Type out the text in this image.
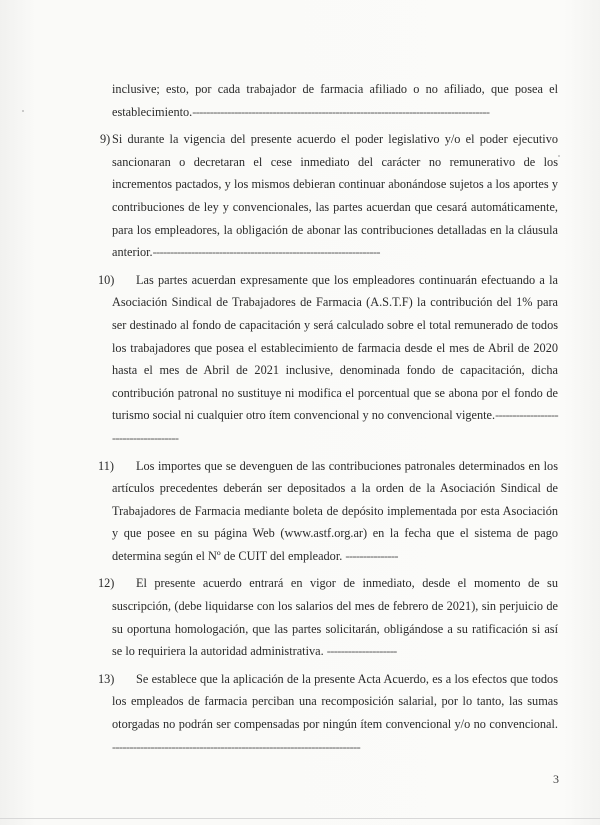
inclusive; esto, por cada trabajador de farmacia afiliado o no afiliado, que posea el establecimiento.-------------------------------------------------------------------------------------

9) Si durante la vigencia del presente acuerdo el poder legislativo y/o el poder ejecutivo sancionaran o decretaran el cese inmediato del carácter no remunerativo de los incrementos pactados, y los mismos debieran continuar abonándose sujetos a los aportes y contribuciones de ley y convencionales, las partes acuerdan que cesará automáticamente, para los empleadores, la obligación de abonar las contribuciones detalladas en la cláusula anterior.-----------------------------------------------------------------

10) Las partes acuerdan expresamente que los empleadores continuarán efectuando a la Asociación Sindical de Trabajadores de Farmacia (A.S.T.F) la contribución del 1% para ser destinado al fondo de capacitación y será calculado sobre el total remunerado de todos los trabajadores que posea el establecimiento de farmacia desde el mes de Abril de 2020 hasta el mes de Abril de 2021 inclusive, denominada fondo de capacitación, dicha contribución patronal no sustituye ni modifica el porcentual que se abona por el fondo de turismo social ni cualquier otro ítem convencional y no convencional vigente.-------------------------------------

11) Los importes que se devenguen de las contribuciones patronales determinados en los artículos precedentes deberán ser depositados a la orden de la Asociación Sindical de Trabajadores de Farmacia mediante boleta de depósito implementada por esta Asociación y que posee en su página Web (www.astf.org.ar) en la fecha que el sistema de pago determina según el Nº de CUIT del empleador. ---------------

12) El presente acuerdo entrará en vigor de inmediato, desde el momento de su suscripción, (debe liquidarse con los salarios del mes de febrero de 2021), sin perjuicio de su oportuna homologación, que las partes solicitarán, obligándose a su ratificación si así se lo requiriera la autoridad administrativa. --------------------

13) Se establece que la aplicación de la presente Acta Acuerdo, es a los efectos que todos los empleados de farmacia perciban una recomposición salarial, por lo tanto, las sumas otorgadas no podrán ser compensadas por ningún ítem convencional y/o no convencional. -----------------------------------------------------------------------

3
